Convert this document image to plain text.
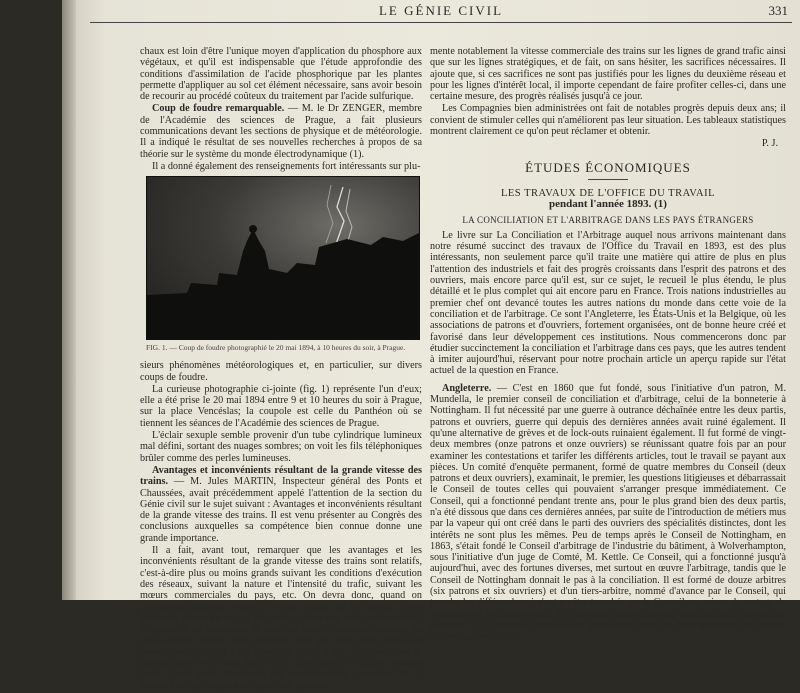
LE GÉNIE CIVIL	331

chaux est loin d'être l'unique moyen d'application du phosphore aux végétaux, et qu'il est indispensable que l'étude approfondie des conditions d'assimilation de l'acide phosphorique par les plantes permette d'appliquer au sol cet élément nécessaire, sans avoir besoin de recourir au procédé coûteux du traitement par l'acide sulfurique.

Coup de foudre remarquable. — M. le Dr ZENGER, membre de l'Académie des sciences de Prague, a fait plusieurs communications devant les sections de physique et de météorologie. Il a indiqué le résultat de ses nouvelles recherches à propos de sa théorie sur le système du monde électrodynamique (1).

Il a donné également des renseignements fort intéressants sur plu-

FIG. 1. — Coup de foudre photographié le 20 mai 1894, à 10 heures du soir, à Prague.

sieurs phénomènes météorologiques et, en particulier, sur divers coups de foudre.

La curieuse photographie ci-jointe (fig. 1) représente l'un d'eux; elle a été prise le 20 mai 1894 entre 9 et 10 heures du soir à Prague, sur la place Vencéslas; la coupole est celle du Panthéon où se tiennent les séances de l'Académie des sciences de Prague.

L'éclair sexuple semble provenir d'un tube cylindrique lumineux mal défini, sortant des nuages sombres; on voit les fils téléphoniques brûler comme des perles lumineuses.

Avantages et inconvénients résultant de la grande vitesse des trains. — M. Jules MARTIN, Inspecteur général des Ponts et Chaussées, avait précédemment appelé l'attention de la section du Génie civil sur le sujet suivant : Avantages et inconvénients résultant de la grande vitesse des trains. Il est venu présenter au Congrès des conclusions auxquelles sa compétence bien connue donne une grande importance.

Il a fait, avant tout, remarquer que les avantages et les inconvénients résultant de la grande vitesse des trains sont relatifs, c'est-à-dire plus ou moins grands suivant les conditions d'exécution des réseaux, suivant la nature et l'intensité du trafic, suivant les mœurs commerciales du pays, etc. On devra donc, quand on comparera plusieurs réseaux, ne pas oublier de les étudier à ces différents points de vue, si l'on veut en faire une critique impartiale. Pour cela, il est nécessaire de faire une classification des réseaux; on peut adopter comme assez logique celle qui était suivie avant les conventions de 1893 : 1re lignes de grand trafic; 2e lignes dont la recette varie de 15 000 francs à 20 000 francs; 3e lignes d'intérêt local. Après avoir développé ces considérations générales, M. J. Martin fixe les idées sur ce qu'on doit entendre

mente notablement la vitesse commerciale des trains sur les lignes de grand trafic ainsi que sur les lignes stratégiques, et de fait, on sans hésiter, les sacrifices nécessaires. Il ajoute que, si ces sacrifices ne sont pas justifiés pour les lignes du deuxième réseau et pour les lignes d'intérêt local, il importe cependant de faire profiter celles-ci, dans une certaine mesure, des progrès réalisés jusqu'à ce jour.

Les Compagnies bien administrées ont fait de notables progrès depuis deux ans; il convient de stimuler celles qui n'améliorent pas leur situation. Les tableaux statistiques montrent clairement ce qu'on peut réclamer et obtenir.

P. J.

ÉTUDES ÉCONOMIQUES
LES TRAVAUX DE L'OFFICE DU TRAVAIL
pendant l'année 1893. (1)
LA CONCILIATION ET L'ARBITRAGE DANS LES PAYS ÉTRANGERS

Le livre sur La Conciliation et l'Arbitrage auquel nous arrivons maintenant dans notre résumé succinct des travaux de l'Office du Travail en 1893, est des plus intéressants, non seulement parce qu'il traite une matière qui attire de plus en plus l'attention des industriels et fait des progrès croissants dans l'esprit des patrons et des ouvriers, mais encore parce qu'il est, sur ce sujet, le recueil le plus étendu, le plus détaillé et le plus complet qui ait encore paru en France. Trois nations industrielles au premier chef ont devancé toutes les autres nations du monde dans cette voie de la conciliation et de l'arbitrage. Ce sont l'Angleterre, les États-Unis et la Belgique, où les associations de patrons et d'ouvriers, fortement organisées, ont de bonne heure créé et favorisé dans leur développement ces institutions. Nous commencerons donc par étudier succinctement la conciliation et l'arbitrage dans ces pays, que les autres tendent à imiter aujourd'hui, réservant pour notre prochain article un aperçu rapide sur l'état actuel de la question en France.

Angleterre. — C'est en 1860 que fut fondé, sous l'initiative d'un patron, M. Mundella, le premier conseil de conciliation et d'arbitrage, celui de la bonneterie à Nottingham. Il fut nécessité par une guerre à outrance déchaînée entre les deux partis, patrons et ouvriers, guerre qui depuis des dernières années avait ruiné également. Il qu'une alternative de grèves et de lock-outs ruinaient également. Il fut formé de vingt-deux membres (onze patrons et onze ouvriers) se réunissant quatre fois par an pour examiner les contestations et tarifer les différents articles, tout le travail se payant aux pièces. Un comité d'enquête permanent, formé de quatre membres du Conseil (deux patrons et deux ouvriers), examinait, le premier, les questions litigieuses et débarrassait le Conseil de toutes celles qui pouvaient s'arranger presque immédiatement. Ce Conseil, qui a fonctionné pendant trente ans, pour le plus grand bien des deux partis, n'a été dissous que dans ces dernières années, par suite de l'introduction de métiers mus par la vapeur qui ont créé dans le parti des ouvriers des spécialités distinctes, dont les intérêts ne sont plus les mêmes. Peu de temps après le Conseil de Nottingham, en 1863, s'était fondé le Conseil d'arbitrage de l'industrie du bâtiment, à Wolverhampton, sous l'initiative d'un juge de Comté, M. Kettle. Ce Conseil, qui a fonctionné jusqu'à aujourd'hui, avec des fortunes diverses, met surtout en œuvre l'arbitrage, tandis que le Conseil de Nottingham donnait le pas à la conciliation. Il est formé de douze arbitres (six patrons et six ouvriers) et d'un tiers-arbitre, nommé d'avance par le Conseil, qui tranche les différends qui n'ont pu être tranchés par le Conseil par raison de partage de voix ou pour tout autre motif. Il ne s'occupe que des intérêts généraux de l'industrie du bâtiment. Un Conseil de conciliation permanent formé de deux membres du Conseil d'arbitrage (un patron
